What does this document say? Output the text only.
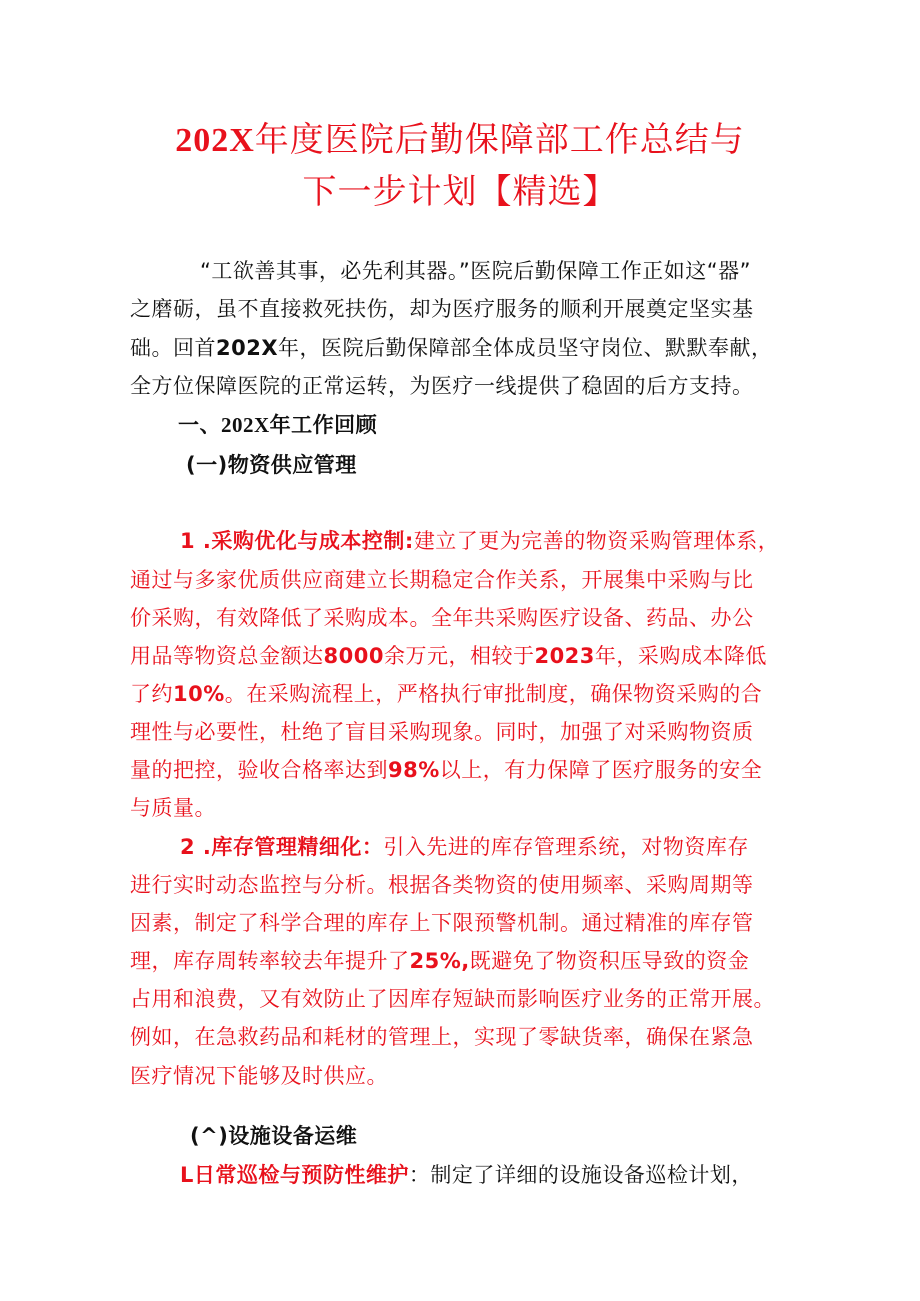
202X年度医院后勤保障部工作总结与
下一步计划【精选】
“工欲善其事，必先利其器。”医院后勤保障工作正如这“器”
之磨砺，虽不直接救死扶伤，却为医疗服务的顺利开展奠定坚实基
础。回首202X年，医院后勤保障部全体成员坚守岗位、默默奉献，
全方位保障医院的正常运转，为医疗一线提供了稳固的后方支持。
一、202X年工作回顾
(一)物资供应管理
1 .采购优化与成本控制:建立了更为完善的物资采购管理体系，
通过与多家优质供应商建立长期稳定合作关系，开展集中采购与比
价采购，有效降低了采购成本。全年共采购医疗设备、药品、办公
用品等物资总金额达8000余万元，相较于2023年，采购成本降低
了约10%。在采购流程上，严格执行审批制度，确保物资采购的合
理性与必要性，杜绝了盲目采购现象。同时，加强了对采购物资质
量的把控，验收合格率达到98%以上，有力保障了医疗服务的安全
与质量。
2 .库存管理精细化：引入先进的库存管理系统，对物资库存
进行实时动态监控与分析。根据各类物资的使用频率、采购周期等
因素，制定了科学合理的库存上下限预警机制。通过精准的库存管
理，库存周转率较去年提升了25%,既避免了物资积压导致的资金
占用和浪费，又有效防止了因库存短缺而影响医疗业务的正常开展。
例如，在急救药品和耗材的管理上，实现了零缺货率，确保在紧急
医疗情况下能够及时供应。
(^)设施设备运维
L日常巡检与预防性维护：制定了详细的设施设备巡检计划，
